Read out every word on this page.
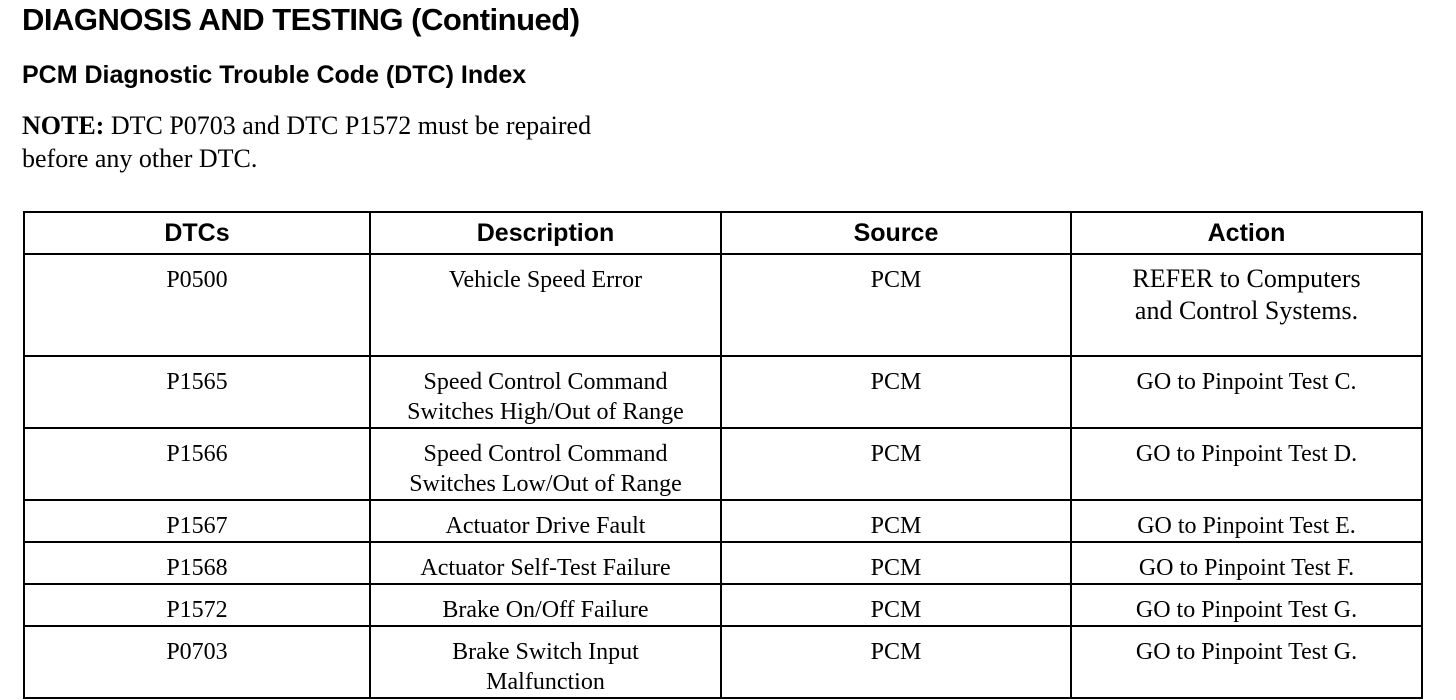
DIAGNOSIS AND TESTING (Continued)
PCM Diagnostic Trouble Code (DTC) Index
NOTE: DTC P0703 and DTC P1572 must be repaired
before any other DTC.
DTCs	Description	Source	Action
P0500	Vehicle Speed Error	PCM	REFER to Computers
and Control Systems.

P1565	Speed Control Command
Switches High/Out of Range	PCM	GO to Pinpoint Test C.

P1566	Speed Control Command
Switches Low/Out of Range	PCM	GO to Pinpoint Test D.

P1567	Actuator Drive Fault	PCM	GO to Pinpoint Test E.

P1568	Actuator Self-Test Failure	PCM	GO to Pinpoint Test F.

P1572	Brake On/Off Failure	PCM	GO to Pinpoint Test G.

P0703	Brake Switch Input
Malfunction	PCM	GO to Pinpoint Test G.
